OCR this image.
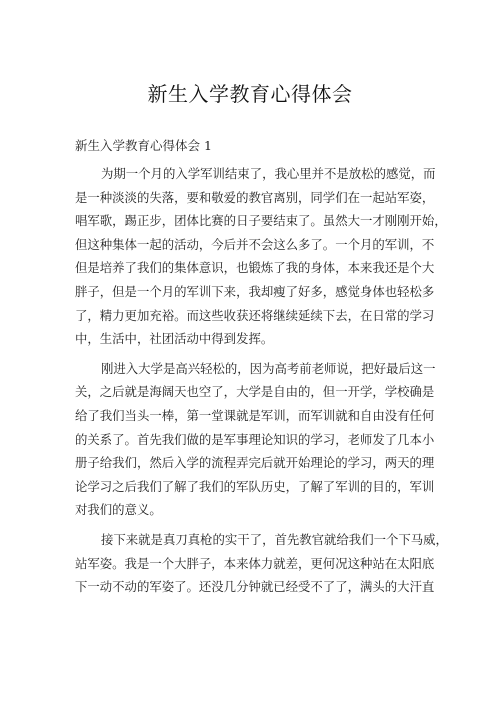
新生入学教育心得体会
新生入学教育心得体会 1
为期一个月的入学军训结束了，我心里并不是放松的感觉，而
是一种淡淡的失落，要和敬爱的教官离别，同学们在一起站军姿，
唱军歌，踢正步，团体比赛的日子要结束了。虽然大一才刚刚开始，
但这种集体一起的活动，今后并不会这么多了。一个月的军训，不
但是培养了我们的集体意识，也锻炼了我的身体，本来我还是个大
胖子，但是一个月的军训下来，我却瘦了好多，感觉身体也轻松多
了，精力更加充裕。而这些收获还将继续延续下去，在日常的学习
中，生活中，社团活动中得到发挥。
刚进入大学是高兴轻松的，因为高考前老师说，把好最后这一
关，之后就是海阔天也空了，大学是自由的，但一开学，学校确是
给了我们当头一棒，第一堂课就是军训，而军训就和自由没有任何
的关系了。首先我们做的是军事理论知识的学习，老师发了几本小
册子给我们，然后入学的流程弄完后就开始理论的学习，两天的理
论学习之后我们了解了我们的军队历史，了解了军训的目的，军训
对我们的意义。
接下来就是真刀真枪的实干了，首先教官就给我们一个下马威，
站军姿。我是一个大胖子，本来体力就差，更何况这种站在太阳底
下一动不动的军姿了。还没几分钟就已经受不了了，满头的大汗直
